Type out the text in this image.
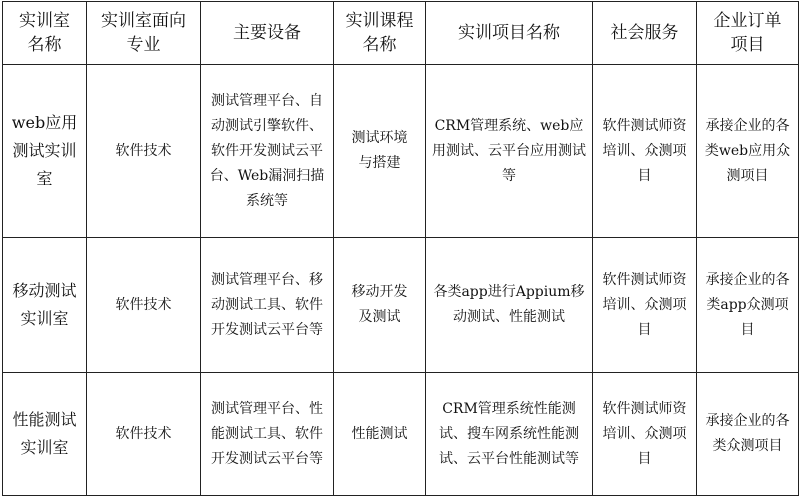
实训室名称	实训室面向专业	主要设备	实训课程名称	实训项目名称	社会服务	企业订单项目
web应用测试实训室	软件技术	测试管理平台、自动测试引擎软件、软件开发测试云平台、Web漏洞扫描系统等	测试环境与搭建	CRM管理系统、web应用测试、云平台应用测试等	软件测试师资培训、众测项目	承接企业的各类web应用众测项目
移动测试实训室	软件技术	测试管理平台、移动测试工具、软件开发测试云平台等	移动开发及测试	各类app进行Appium移动测试、性能测试	软件测试师资培训、众测项目	承接企业的各类app众测项目
性能测试实训室	软件技术	测试管理平台、性能测试工具、软件开发测试云平台等	性能测试	CRM管理系统性能测试、搜车网系统性能测试、云平台性能测试等	软件测试师资培训、众测项目	承接企业的各类众测项目
